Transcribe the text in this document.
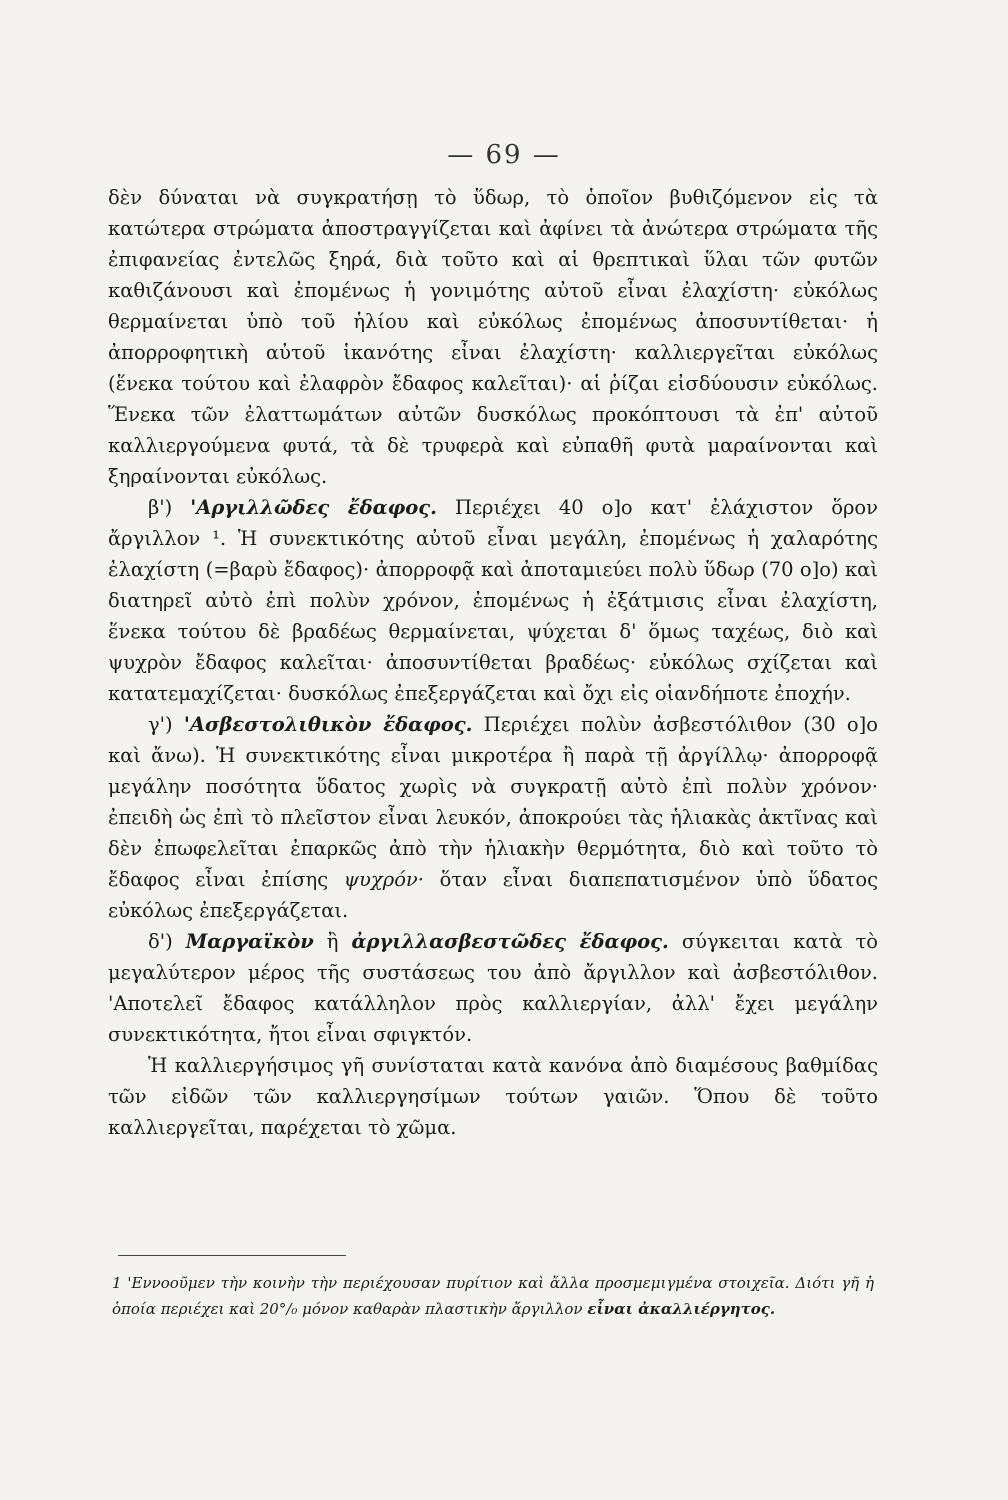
— 69 —

δὲν δύναται νὰ συγκρατήσῃ τὸ ὕδωρ, τὸ ὁποῖον βυθιζόμενον εἰς τὰ κατώτερα στρώματα ἀποστραγγίζεται καὶ ἀφίνει τὰ ἀνώτερα στρώματα τῆς ἐπιφανείας ἐντελῶς ξηρά, διὰ τοῦτο καὶ αἱ θρεπτικαὶ ὕλαι τῶν φυτῶν καθιζάνουσι καὶ ἐπομένως ἡ γονιμότης αὐτοῦ εἶναι ἐλαχίστη· εὐκόλως θερμαίνεται ὑπὸ τοῦ ἡλίου καὶ εὐκόλως ἐπομένως ἀποσυντίθεται· ἡ ἀπορροφητικὴ αὐτοῦ ἱκανότης εἶναι ἐλαχίστη· καλλιεργεῖται εὐκόλως (ἕνεκα τούτου καὶ ἐλαφρὸν ἔδαφος καλεῖται)· αἱ ῥίζαι εἰσδύουσιν εὐκόλως. Ἕνεκα τῶν ἐλαττωμάτων αὐτῶν δυσκόλως προκόπτουσι τὰ ἐπ' αὐτοῦ καλλιεργούμενα φυτά, τὰ δὲ τρυφερὰ καὶ εὐπαθῆ φυτὰ μαραίνονται καὶ ξηραίνονται εὐκόλως.

β') 'Αργιλλῶδες ἔδαφος. Περιέχει 40 ο]ο κατ' ἐλάχιστον ὅρον ἄργιλλον ¹. Ἡ συνεκτικότης αὐτοῦ εἶναι μεγάλη, ἐπομένως ἡ χαλαρότης ἐλαχίστη (=βαρὺ ἔδαφος)· ἀπορροφᾷ καὶ ἀποταμιεύει πολὺ ὕδωρ (70 ο]ο) καὶ διατηρεῖ αὐτὸ ἐπὶ πολὺν χρόνον, ἐπομένως ἡ ἐξάτμισις εἶναι ἐλαχίστη, ἕνεκα τούτου δὲ βραδέως θερμαίνεται, ψύχεται δ' ὅμως ταχέως, διὸ καὶ ψυχρὸν ἔδαφος καλεῖται· ἀποσυντίθεται βραδέως· εὐκόλως σχίζεται καὶ κατατεμαχίζεται· δυσκόλως ἐπεξεργάζεται καὶ ὄχι εἰς οἱανδήποτε ἐποχήν.

γ') 'Ασβεστολιθικὸν ἔδαφος. Περιέχει πολὺν ἀσβεστόλιθον (30 ο]ο καὶ ἄνω). Ἡ συνεκτικότης εἶναι μικροτέρα ἢ παρὰ τῇ ἀργίλλῳ· ἀπορροφᾷ μεγάλην ποσότητα ὕδατος χωρὶς νὰ συγκρατῇ αὐτὸ ἐπὶ πολὺν χρόνον· ἐπειδὴ ὡς ἐπὶ τὸ πλεῖστον εἶναι λευκόν, ἀποκρούει τὰς ἡλιακὰς ἀκτῖνας καὶ δὲν ἐπωφελεῖται ἐπαρκῶς ἀπὸ τὴν ἡλιακὴν θερμότητα, διὸ καὶ τοῦτο τὸ ἔδαφος εἶναι ἐπίσης ψυχρόν· ὅταν εἶναι διαπεπατισμένον ὑπὸ ὕδατος εὐκόλως ἐπεξεργάζεται.

δ') Μαργαϊκὸν ἢ ἀργιλλασβεστῶδες ἔδαφος. σύγκειται κατὰ τὸ μεγαλύτερον μέρος τῆς συστάσεως του ἀπὸ ἄργιλλον καὶ ἀσβεστόλιθον. 'Αποτελεῖ ἔδαφος κατάλληλον πρὸς καλλιεργίαν, ἀλλ' ἔχει μεγάλην συνεκτικότητα, ἤτοι εἶναι σφιγκτόν.

Ἡ καλλιεργήσιμος γῆ συνίσταται κατὰ κανόνα ἀπὸ διαμέσους βαθμίδας τῶν εἰδῶν τῶν καλλιεργησίμων τούτων γαιῶν. Ὅπου δὲ τοῦτο καλλιεργεῖται, παρέχεται τὸ χῶμα.

1 'Εννοοῦμεν τὴν κοινὴν τὴν περιέχουσαν πυρίτιον καὶ ἄλλα προσμεμιγμένα στοιχεῖα. Διότι γῆ ἡ ὁποία περιέχει καὶ 20°/₀ μόνον καθαρὰν πλαστικὴν ἄργιλλον εἶναι ἀκαλλιέργητος.
